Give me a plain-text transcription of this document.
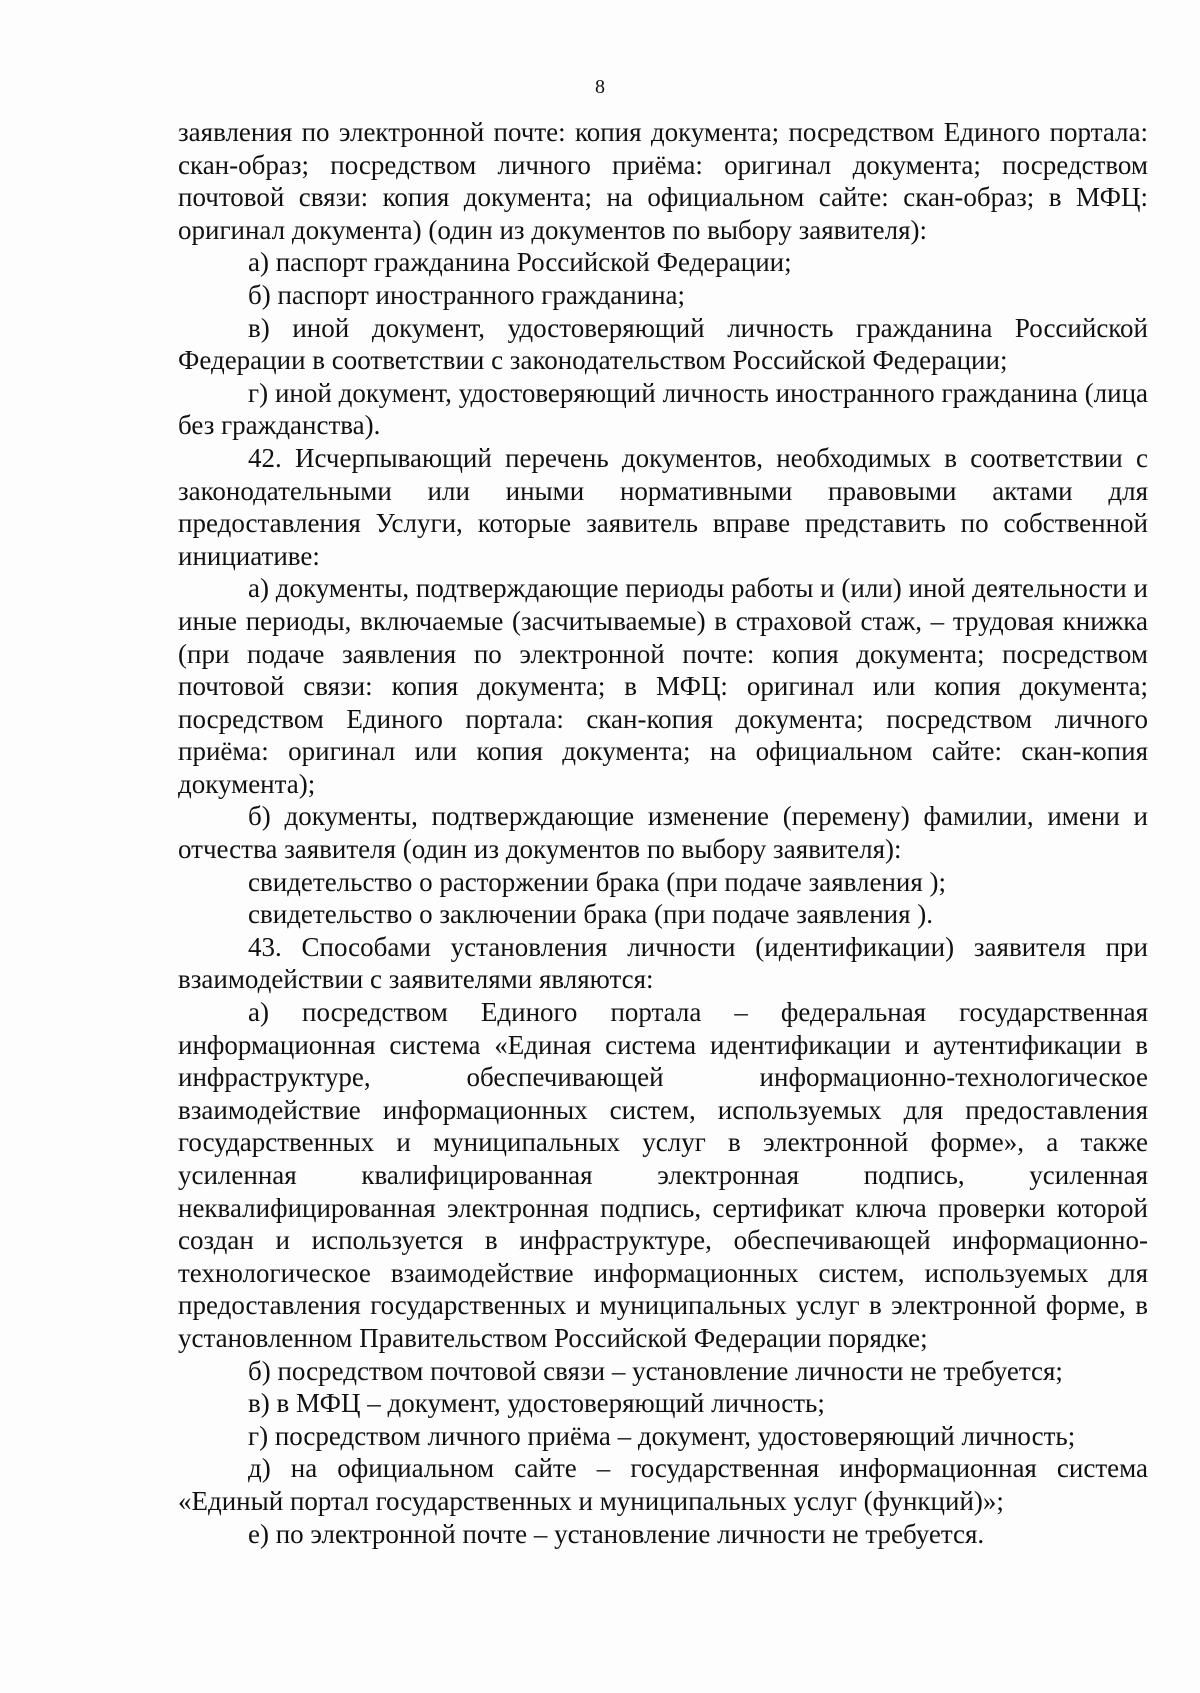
8

заявления по электронной почте: копия документа; посредством Единого портала: скан-образ; посредством личного приёма: оригинал документа; посредством почтовой связи: копия документа; на официальном сайте: скан-образ; в МФЦ: оригинал документа) (один из документов по выбору заявителя):

а) паспорт гражданина Российской Федерации;

б) паспорт иностранного гражданина;

в) иной документ, удостоверяющий личность гражданина Российской Федерации в соответствии с законодательством Российской Федерации;

г) иной документ, удостоверяющий личность иностранного гражданина (лица без гражданства).

42. Исчерпывающий перечень документов, необходимых в соответствии с законодательными или иными нормативными правовыми актами для предоставления Услуги, которые заявитель вправе представить по собственной инициативе:

а) документы, подтверждающие периоды работы и (или) иной деятельности и иные периоды, включаемые (засчитываемые) в страховой стаж, – трудовая книжка (при подаче заявления по электронной почте: копия документа; посредством почтовой связи: копия документа; в МФЦ: оригинал или копия документа; посредством Единого портала: скан-копия документа; посредством личного приёма: оригинал или копия документа; на официальном сайте: скан-копия документа);

б) документы, подтверждающие изменение (перемену) фамилии, имени и отчества заявителя (один из документов по выбору заявителя):

свидетельство о расторжении брака (при подаче заявления );

свидетельство о заключении брака (при подаче заявления ).

43. Способами установления личности (идентификации) заявителя при взаимодействии с заявителями являются:

а) посредством Единого портала – федеральная государственная информационная система «Единая система идентификации и аутентификации в инфраструктуре, обеспечивающей информационно-технологическое взаимодействие информационных систем, используемых для предоставления государственных и муниципальных услуг в электронной форме», а также усиленная квалифицированная электронная подпись, усиленная неквалифицированная электронная подпись, сертификат ключа проверки которой создан и используется в инфраструктуре, обеспечивающей информационно-технологическое взаимодействие информационных систем, используемых для предоставления государственных и муниципальных услуг в электронной форме, в установленном Правительством Российской Федерации порядке;

б) посредством почтовой связи – установление личности не требуется;

в) в МФЦ – документ, удостоверяющий личность;

г) посредством личного приёма – документ, удостоверяющий личность;

д) на официальном сайте – государственная информационная система «Единый портал государственных и муниципальных услуг (функций)»;

е) по электронной почте – установление личности не требуется.
